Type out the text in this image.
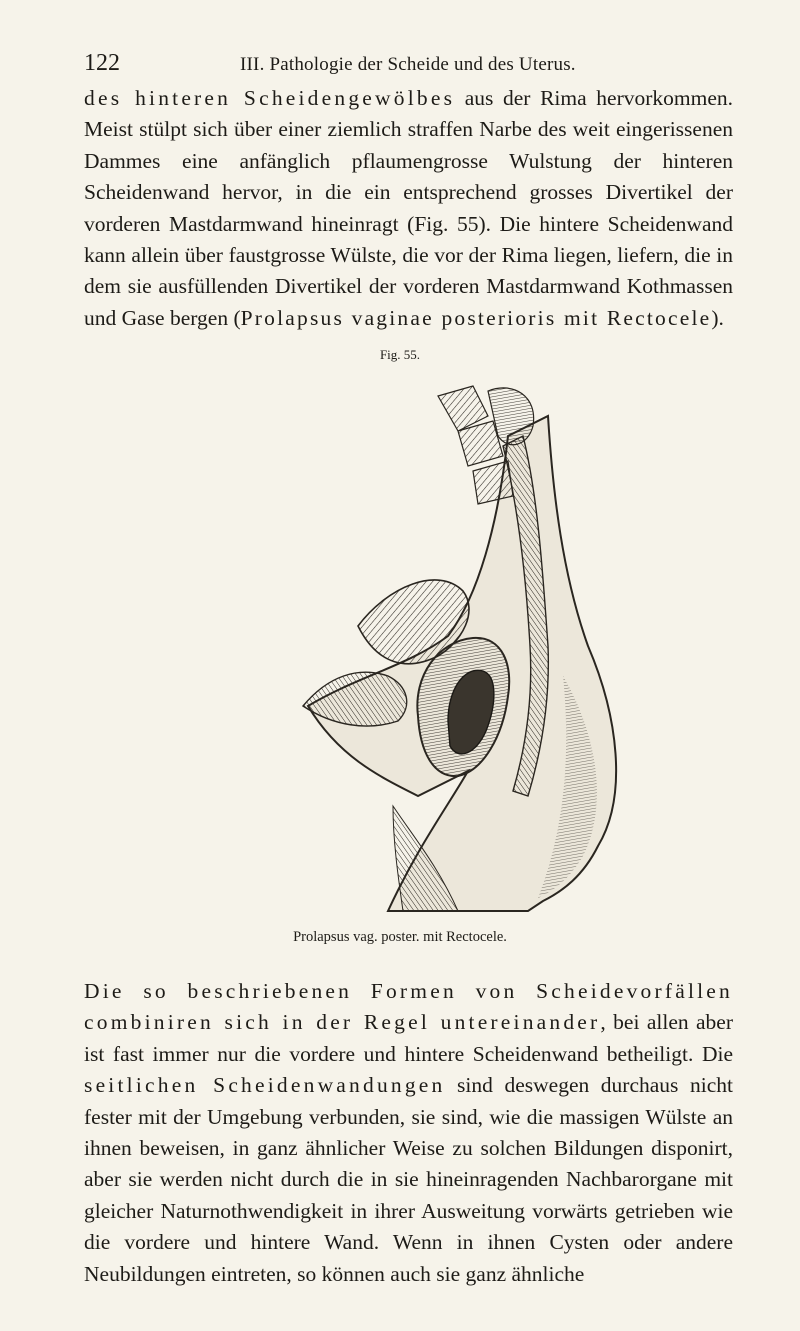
122	III. Pathologie der Scheide und des Uterus.

des hinteren Scheidengewölbes aus der Rima hervorkommen. Meist stülpt sich über einer ziemlich straffen Narbe des weit eingerissenen Dammes eine anfänglich pflaumengrosse Wulstung der hinteren Scheidenwand hervor, in die ein entsprechend grosses Divertikel der vorderen Mastdarmwand hineinragt (Fig. 55). Die hintere Scheidenwand kann allein über faustgrosse Wülste, die vor der Rima liegen, liefern, die in dem sie ausfüllenden Divertikel der vorderen Mastdarmwand Kothmassen und Gase bergen (Prolapsus vaginae posterioris mit Rectocele).

Fig. 55.
Prolapsus vag. poster. mit Rectocele.

Die so beschriebenen Formen von Scheidevorfällen combiniren sich in der Regel untereinander, bei allen aber ist fast immer nur die vordere und hintere Scheidenwand betheiligt. Die seitlichen Scheidenwandungen sind deswegen durchaus nicht fester mit der Umgebung verbunden, sie sind, wie die massigen Wülste an ihnen beweisen, in ganz ähnlicher Weise zu solchen Bildungen disponirt, aber sie werden nicht durch die in sie hineinragenden Nachbarorgane mit gleicher Naturnothwendigkeit in ihrer Ausweitung vorwärts getrieben wie die vordere und hintere Wand. Wenn in ihnen Cysten oder andere Neubildungen eintreten, so können auch sie ganz ähnliche
